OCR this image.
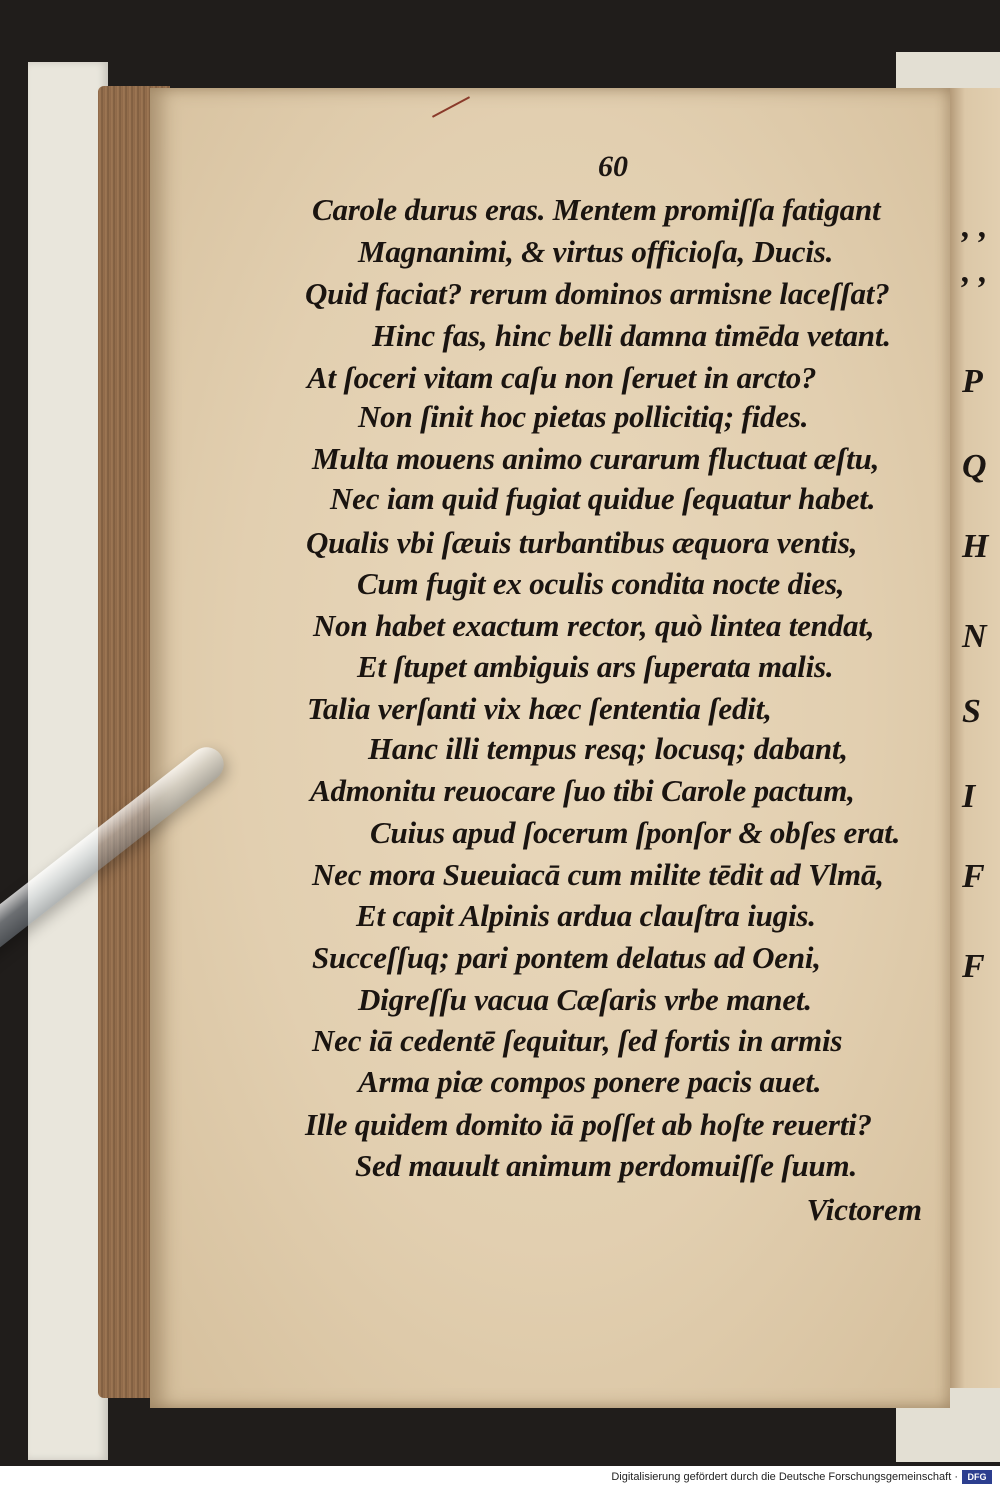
, ,
, ,
P
Q
H
N
S
I
F
F
60
Carole durus eras. Mentem promiſſa fatigant
Magnanimi, & virtus officioſa, Ducis.
Quid faciat? rerum dominos armisne laceſſat?
Hinc fas, hinc belli damna timēda vetant.
At ſoceri vitam caſu non ſeruet in arcto?
Non ſinit hoc pietas pollicitiq; fides.
Multa mouens animo curarum fluctuat æſtu,
Nec iam quid fugiat quidue ſequatur habet.
Qualis vbi ſæuis turbantibus æquora ventis,
Cum fugit ex oculis condita nocte dies,
Non habet exactum rector, quò lintea tendat,
Et ſtupet ambiguis ars ſuperata malis.
Talia verſanti vix hæc ſententia ſedit,
Hanc illi tempus resq; locusq; dabant,
Admonitu reuocare ſuo tibi Carole pactum,
Cuius apud ſocerum ſponſor & obſes erat.
Nec mora Sueuiacā cum milite tēdit ad Vlmā,
Et capit Alpinis ardua clauſtra iugis.
Succeſſuq; pari pontem delatus ad Oeni,
Digreſſu vacua Cæſaris vrbe manet.
Nec iā cedentē ſequitur, ſed fortis in armis
Arma piæ compos ponere pacis auet.
Ille quidem domito iā poſſet ab hoſte reuerti?
Sed mauult animum perdomuiſſe ſuum.
Victorem
Digitalisierung gefördert durch die Deutsche Forschungsgemeinschaft ·	DFG
